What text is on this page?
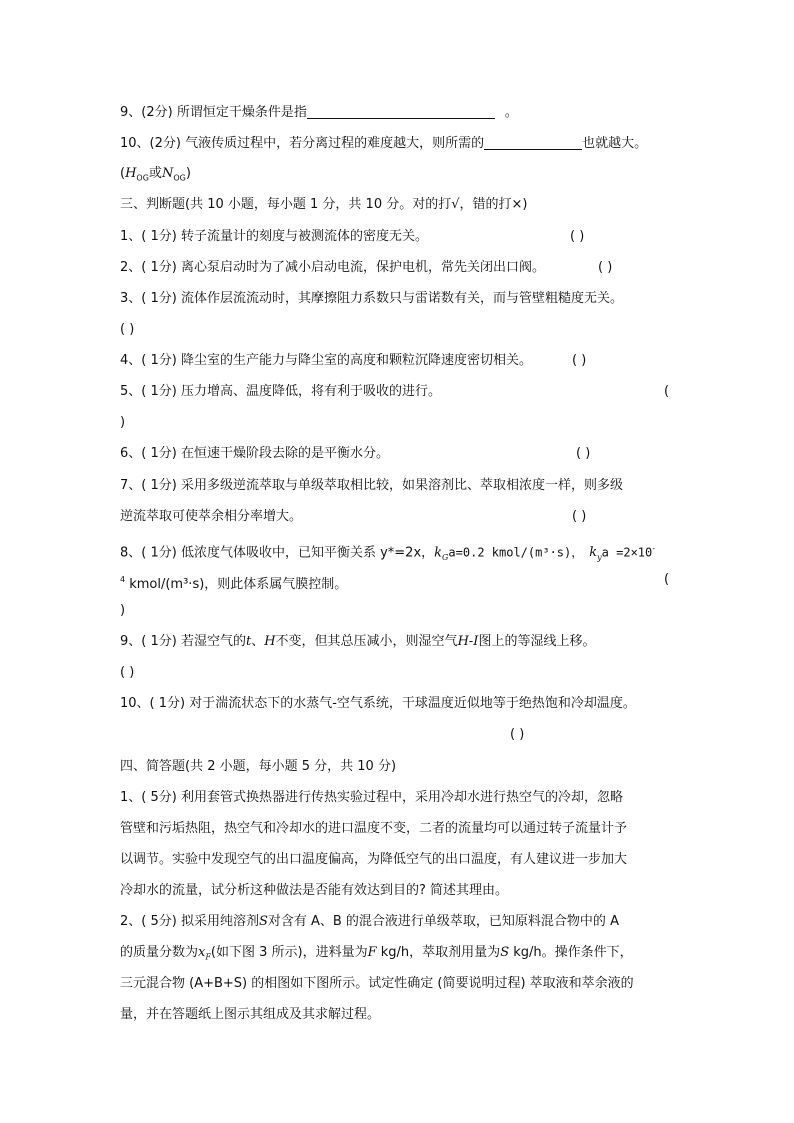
9、(2分) 所谓恒定干燥条件是指	。
10、(2分) 气液传质过程中，若分离过程的难度越大，则所需的	也就越大。
($H_{OG}$或$N_{OG}$)
三、判断题(共 10 小题，每小题 1 分，共 10 分。对的打√，错的打×)
1、( 1分) 转子流量计的刻度与被测流体的密度无关。	( )
2、( 1分) 离心泵启动时为了减小启动电流，保护电机，常先关闭出口阀。	( )
3、( 1分) 流体作层流流动时，其摩擦阻力系数只与雷诺数有关，而与管壁粗糙度无关。
( )
4、( 1分) 降尘室的生产能力与降尘室的高度和颗粒沉降速度密切相关。	( )
5、( 1分) 压力增高、温度降低，将有利于吸收的进行。	(
)
6、( 1分) 在恒速干燥阶段去除的是平衡水分。	( )
7、( 1分) 采用多级逆流萃取与单级萃取相比较，如果溶剂比、萃取相浓度一样，则多级
逆流萃取可使萃余相分率增大。	( )
8、( 1分) 低浓度气体吸收中，已知平衡关系 y*=2x，$k_Ga=0.2$ kmol/(m³·s)， $k_ya =2\times 10^-$
$^4$ kmol/(m³·s)，则此体系属气膜控制。	(
)
9、( 1分) 若湿空气的t、H不变，但其总压减小，则湿空气H-I图上的等湿线上移。
( )
10、( 1分) 对于湍流状态下的水蒸气-空气系统，干球温度近似地等于绝热饱和冷却温度。
( )
四、简答题(共 2 小题，每小题 5 分，共 10 分)
1、( 5分) 利用套管式换热器进行传热实验过程中，采用冷却水进行热空气的冷却，忽略
管壁和污垢热阻，热空气和冷却水的进口温度不变，二者的流量均可以通过转子流量计予
以调节。实验中发现空气的出口温度偏高，为降低空气的出口温度，有人建议进一步加大
冷却水的流量，试分析这种做法是否能有效达到目的? 简述其理由。
2、( 5分) 拟采用纯溶剂S对含有 A、B 的混合液进行单级萃取，已知原料混合物中的 A
的质量分数为$x_F$(如下图 3 所示)，进料量为F kg/h，萃取剂用量为S kg/h。操作条件下，
三元混合物 (A+B+S) 的相图如下图所示。试定性确定 (简要说明过程) 萃取液和萃余液的
量，并在答题纸上图示其组成及其求解过程。
